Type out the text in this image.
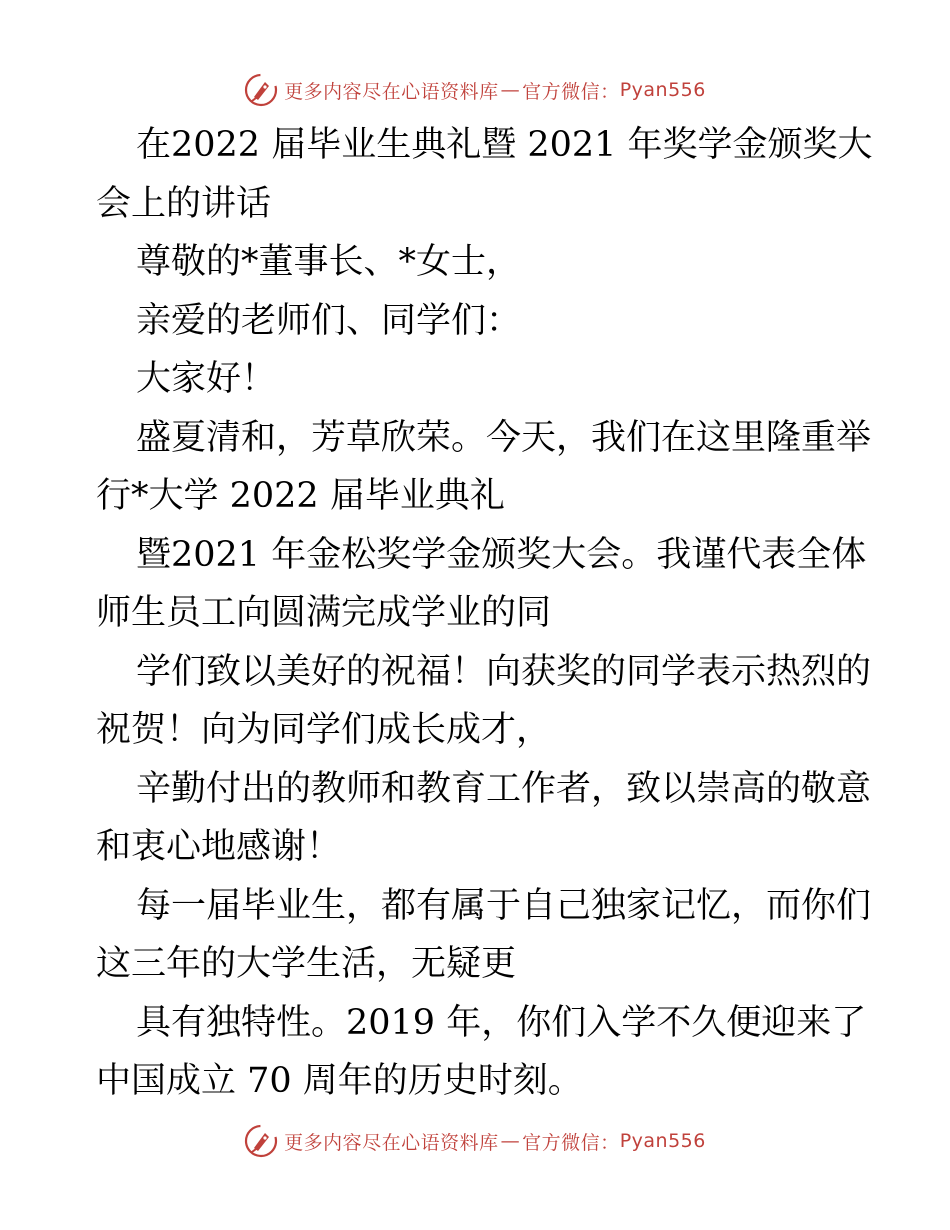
更多内容尽在心语资料库 — 官方微信： Pyan556
在2022 届毕业生典礼暨 2021 年奖学金颁奖大
会上的讲话
尊敬的*董事长、*女士，
亲爱的老师们、同学们：
大家好！
盛夏清和，芳草欣荣。今天，我们在这里隆重举
行*大学 2022 届毕业典礼
暨2021 年金松奖学金颁奖大会。我谨代表全体
师生员工向圆满完成学业的同
学们致以美好的祝福！向获奖的同学表示热烈的
祝贺！向为同学们成长成才，
辛勤付出的教师和教育工作者，致以崇高的敬意
和衷心地感谢！
每一届毕业生，都有属于自己独家记忆，而你们
这三年的大学生活，无疑更
具有独特性。2019 年，你们入学不久便迎来了
中国成立 70 周年的历史时刻。
更多内容尽在心语资料库 — 官方微信： Pyan556
